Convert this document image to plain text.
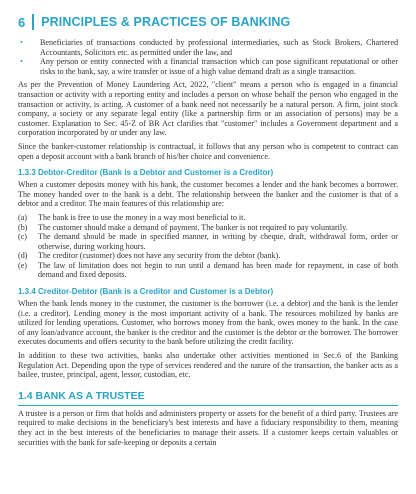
6 PRINCIPLES & PRACTICES OF BANKING
• Beneficiaries of transactions conducted by professional intermediaries, such as Stock Brokers, Chartered Accountants, Solicitors etc. as permitted under the law, and
• Any person or entity connected with a financial transaction which can pose significant reputational or other risks to the bank, say, a wire transfer or issue of a high value demand draft as a single transaction.

As per the Prevention of Money Laundering Act, 2022, "client" means a person who is engaged in a financial transaction or activity with a reporting entity and includes a person on whose behalf the person who engaged in the transaction or activity, is acting. A customer of a bank need not necessarily be a natural person. A firm, joint stock company, a society or any separate legal entity (like a partnership firm or an association of persons) may be a customer. Explanation to Sec. 45-Z of BR Act clarifies that "customer" includes a Government department and a corporation incorporated by or under any law.

Since the banker-customer relationship is contractual, it follows that any person who is competent to contract can open a deposit account with a bank branch of his/her choice and convenience.

1.3.3 Debtor-Creditor (Bank is a Debtor and Customer is a Creditor)

When a customer deposits money with his bank, the customer becomes a lender and the bank becomes a borrower. The money handed over to the bank is a debt. The relationship between the banker and the customer is that of a debtor and a creditor. The main features of this relationship are:

(a) The bank is free to use the money in a way most beneficial to it.
(b) The customer should make a demand of payment. The banker is not required to pay voluntarily.
(c) The demand should be made in specified manner, in writing by cheque, draft, withdrawal form, order or otherwise, during working hours.
(d) The creditor (customer) does not have any security from the debtor (bank).
(e) The law of limitation does not begin to run until a demand has been made for repayment, in case of both demand and fixed deposits.
1.3.4 Creditor-Debtor (Bank is a Creditor and Customer is a Debtor)

When the bank lends money to the customer, the customer is the borrower (i.e. a debtor) and the bank is the lender (i.e. a creditor). Lending money is the most important activity of a bank. The resources mobilized by banks are utilized for lending operations. Customer, who borrows money from the bank, owes money to the bank. In the case of any loan/advance account, the banker is the creditor and the customer is the debtor or the borrower. The borrower executes documents and offers security to the bank before utilizing the credit facility.

In addition to these two activities, banks also undertake other activities mentioned in Sec.6 of the Banking Regulation Act. Depending upon the type of services rendered and the nature of the transaction, the banker acts as a bailee, trustee, principal, agent, lessor, custodian, etc.

1.4 BANK AS A TRUSTEE

A trustee is a person or firm that holds and administers property or assets for the benefit of a third party. Trustees are required to make decisions in the beneficiary's best interests and have a fiduciary responsibility to them, meaning they act in the best interests of the beneficiaries to manage their assets. If a customer keeps certain valuables or securities with the bank for safe-keeping or deposits a certain
